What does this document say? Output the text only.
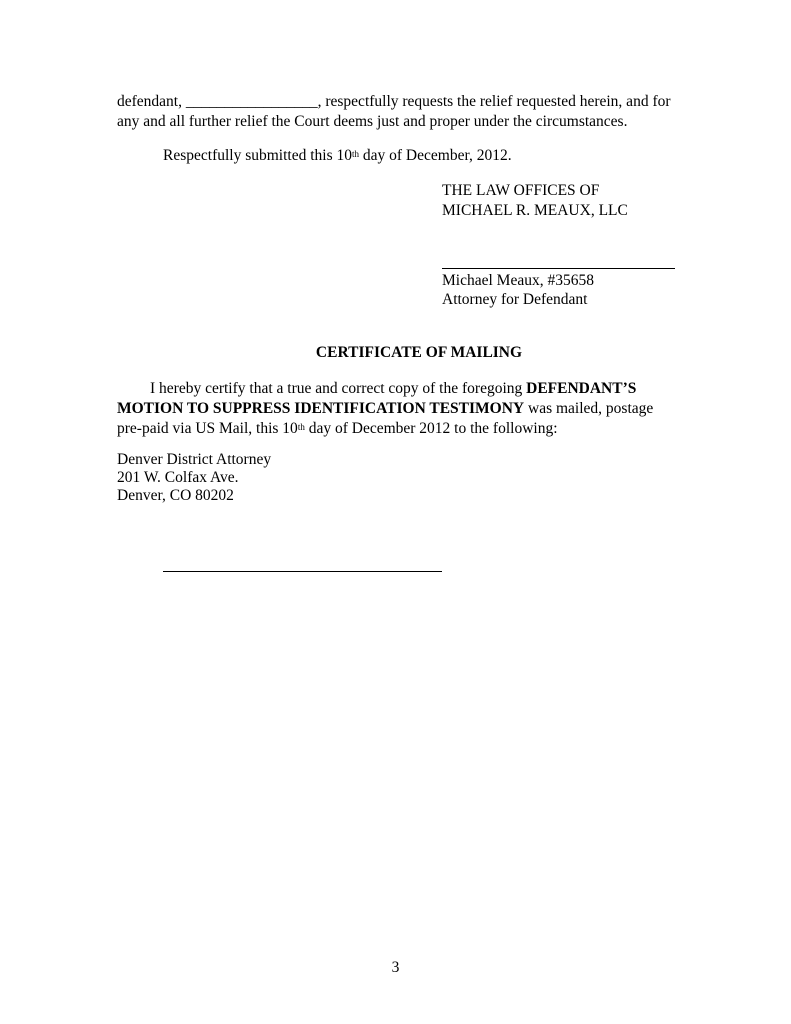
defendant, _________________, respectfully requests the relief requested herein, and for
any and all further relief the Court deems just and proper under the circumstances.
Respectfully submitted this 10th day of December, 2012.
THE LAW OFFICES OF
MICHAEL R. MEAUX, LLC
Michael Meaux, #35658
Attorney for Defendant
CERTIFICATE OF MAILING
I hereby certify that a true and correct copy of the foregoing DEFENDANT’S MOTION TO SUPPRESS IDENTIFICATION TESTIMONY was mailed, postage pre-paid via US Mail, this 10th day of December 2012 to the following:
Denver District Attorney
201 W. Colfax Ave.
Denver, CO 80202
3
